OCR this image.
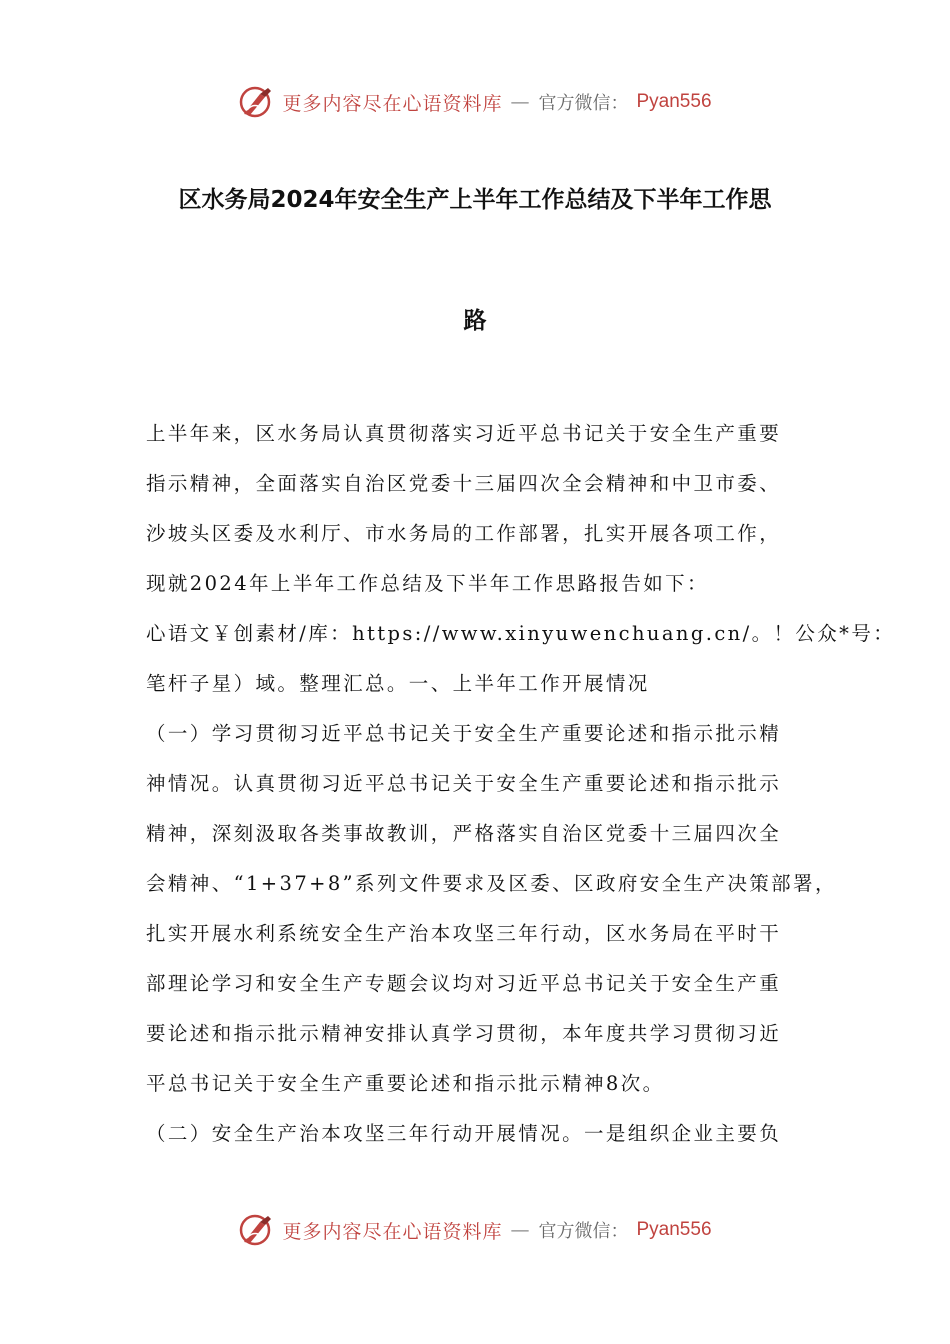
更多内容尽在心语资料库 — 官方微信： Pyan556
区水务局2024年安全生产上半年工作总结及下半年工作思
路
上半年来，区水务局认真贯彻落实习近平总书记关于安全生产重要
指示精神，全面落实自治区党委十三届四次全会精神和中卫市委、
沙坡头区委及水利厅、市水务局的工作部署，扎实开展各项工作，
现就2024年上半年工作总结及下半年工作思路报告如下：
心语文￥创素材/库：https://www.xinyuwenchuang.cn/。！公众*号：
笔杆子星）域。整理汇总。一、上半年工作开展情况
（一）学习贯彻习近平总书记关于安全生产重要论述和指示批示精
神情况。认真贯彻习近平总书记关于安全生产重要论述和指示批示
精神，深刻汲取各类事故教训，严格落实自治区党委十三届四次全
会精神、“1+37+8”系列文件要求及区委、区政府安全生产决策部署，
扎实开展水利系统安全生产治本攻坚三年行动，区水务局在平时干
部理论学习和安全生产专题会议均对习近平总书记关于安全生产重
要论述和指示批示精神安排认真学习贯彻，本年度共学习贯彻习近
平总书记关于安全生产重要论述和指示批示精神8次。
（二）安全生产治本攻坚三年行动开展情况。一是组织企业主要负
更多内容尽在心语资料库 — 官方微信： Pyan556
